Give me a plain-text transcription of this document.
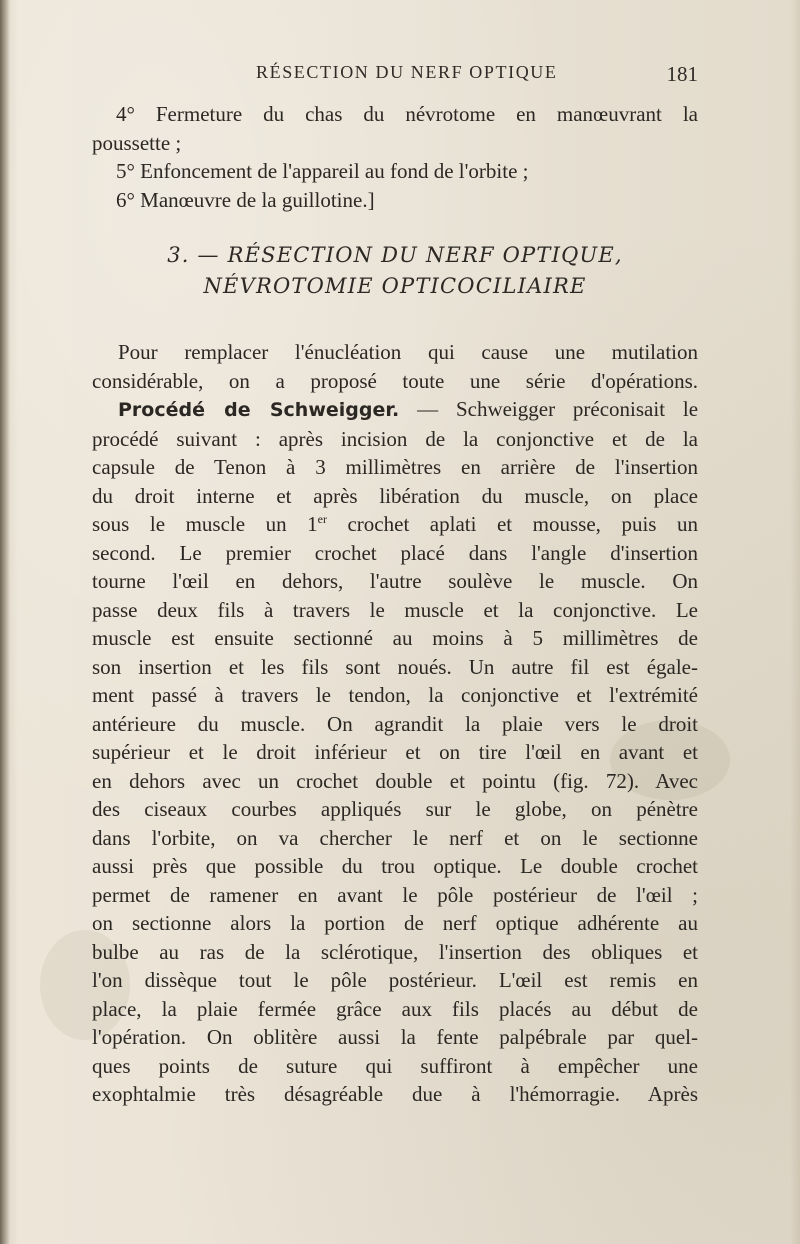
RÉSECTION DU NERF OPTIQUE	181
4° Fermeture du chas du névrotome en manœuvrant la
poussette ;
5° Enfoncement de l'appareil au fond de l'orbite ;
6° Manœuvre de la guillotine.]
3. — RÉSECTION DU NERF OPTIQUE,
NÉVROTOMIE OPTICOCILIAIRE
Pour remplacer l'énucléation qui cause une mutilation
considérable, on a proposé toute une série d'opérations.
Procédé de Schweigger. — Schweigger préconisait le
procédé suivant : après incision de la conjonctive et de la
capsule de Tenon à 3 millimètres en arrière de l'insertion
du droit interne et après libération du muscle, on place
sous le muscle un 1er crochet aplati et mousse, puis un
second. Le premier crochet placé dans l'angle d'insertion
tourne l'œil en dehors, l'autre soulève le muscle. On
passe deux fils à travers le muscle et la conjonctive. Le
muscle est ensuite sectionné au moins à 5 millimètres de
son insertion et les fils sont noués. Un autre fil est égale-
ment passé à travers le tendon, la conjonctive et l'extrémité
antérieure du muscle. On agrandit la plaie vers le droit
supérieur et le droit inférieur et on tire l'œil en avant et
en dehors avec un crochet double et pointu (fig. 72). Avec
des ciseaux courbes appliqués sur le globe, on pénètre
dans l'orbite, on va chercher le nerf et on le sectionne
aussi près que possible du trou optique. Le double crochet
permet de ramener en avant le pôle postérieur de l'œil ;
on sectionne alors la portion de nerf optique adhérente au
bulbe au ras de la sclérotique, l'insertion des obliques et
l'on dissèque tout le pôle postérieur. L'œil est remis en
place, la plaie fermée grâce aux fils placés au début de
l'opération. On oblitère aussi la fente palpébrale par quel-
ques points de suture qui suffiront à empêcher une
exophtalmie très désagréable due à l'hémorragie. Après
